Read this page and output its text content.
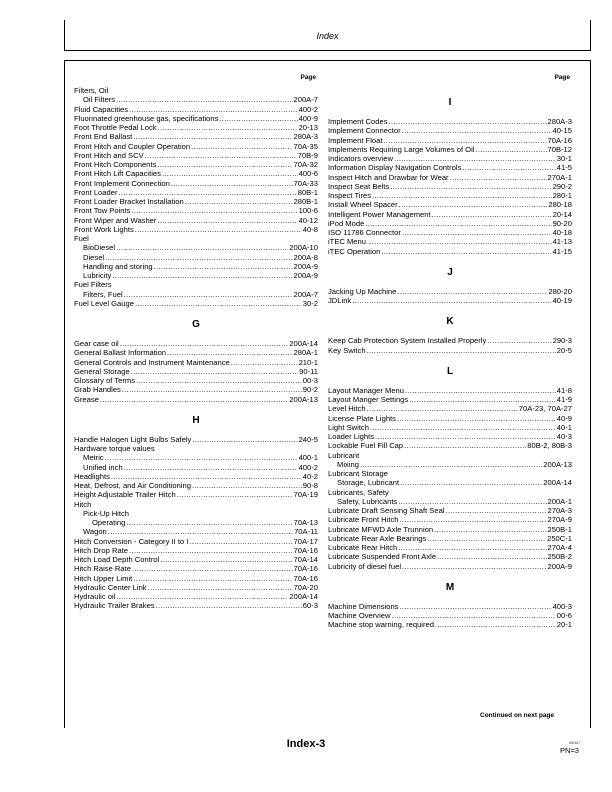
Index
Page
Filters, Oil
Oil Filters .....	200A-7
Fluid Capacities .....	400-2
Fluorinated greenhouse gas, specifications .....	400-9
Foot Throttle Pedal Lock .....	20-13
Front End Ballast .....	280A-3
Front Hitch and Coupler Operation .....	70A-35
Front Hitch and SCV .....	70B-9
Front Hitch Components .....	70A-32
Front Hitch Lift Capacities .....	400-6
Front Implement Connection .....	70A-33
Front Loader .....	80B-1
Front Loader Bracket Installation .....	280B-1
Front Tow Points .....	100-6
Front Wiper and Washer .....	40-12
Front Work Lights .....	40-8
Fuel
BioDiesel .....	200A-10
Diesel .....	200A-8
Handling and storing .....	200A-9
Lubricity .....	200A-9
Fuel Filters
Filters, Fuel .....	200A-7
Fuel Level Gauge .....	30-2
G
Gear case oil .....	200A-14
General Ballast Information .....	280A-1
General Controls and Instrument Maintenance .....	210-1
General Storage .....	90-11
Glossary of Terms .....	00-3
Grab Handles .....	90-2
Grease .....	200A-13
H
Handle Halogen Light Bulbs Safely .....	240-5
Hardware torque values
Metric .....	400-1
Unified inch .....	400-2
Headlights .....	40-2
Heat, Defrost, and Air Conditioning .....	90-8
Height Adjustable Trailer Hitch .....	70A-19
Hitch
Pick-Up Hitch
Operating .....	70A-13
Wagon .....	70A-11
Hitch Conversion - Category II to I .....	70A-17
Hitch Drop Rate .....	70A-16
Hitch Load Depth Control .....	70A-14
Hitch Raise Rate .....	70A-16
Hitch Upper Limit .....	70A-16
Hydraulic Center Link .....	70A-20
Hydraulic oil .....	200A-14
Hydraulic Trailer Brakes .....	60-3
Page
I
Implement Codes .....	280A-3
Implement Connector .....	40-15
Implement Float .....	70A-16
Implements Requiring Large Volumes of Oil .....	70B-12
Indicators overview .....	30-1
Information Display Navigation Controls .....	41-5
Inspect Hitch and Drawbar for Wear .....	270A-1
Inspect Seat Belts .....	290-2
Inspect Tires .....	280-1
Install Wheel Spacer .....	280-18
Intelligent Power Management .....	20-14
iPod Mode .....	90-20
ISO 11786 Connector .....	40-18
iTEC Menu .....	41-13
iTEC Operation .....	41-15
J
Jacking Up Machine .....	280-20
JDLink .....	40-19
K
Keep Cab Protection System Installed Properly .....	290-3
Key Switch .....	20-5
L
Layout Manager Menu .....	41-8
Layout Manger Settings .....	41-9
Level Hitch .....	70A-23, 70A-27
License Plate Lights .....	40-9
Light Switch .....	40-1
Loader Lights .....	40-3
Lockable Fuel Fill Cap .....	80B-2, 80B-3
Lubricant
Mixing .....	200A-13
Lubricant Storage
Storage, Lubricant .....	200A-14
Lubricants, Safety
Safety, Lubricants .....	200A-1
Lubricate Draft Sensing Shaft Seal .....	270A-3
Lubricate Front Hitch .....	270A-9
Lubricate MFWD Axle Trunnion .....	250B-1
Lubricate Rear Axle Bearings .....	250C-1
Lubricate Rear Hitch .....	270A-4
Lubricate Suspended Front Axle .....	250B-2
Lubricity of diesel fuel .....	200A-9
M
Machine Dimensions .....	400-3
Machine Overview .....	00-6
Machine stop warning, required .....	20-1
Continued on next page
Index-3	061617
PN=3
